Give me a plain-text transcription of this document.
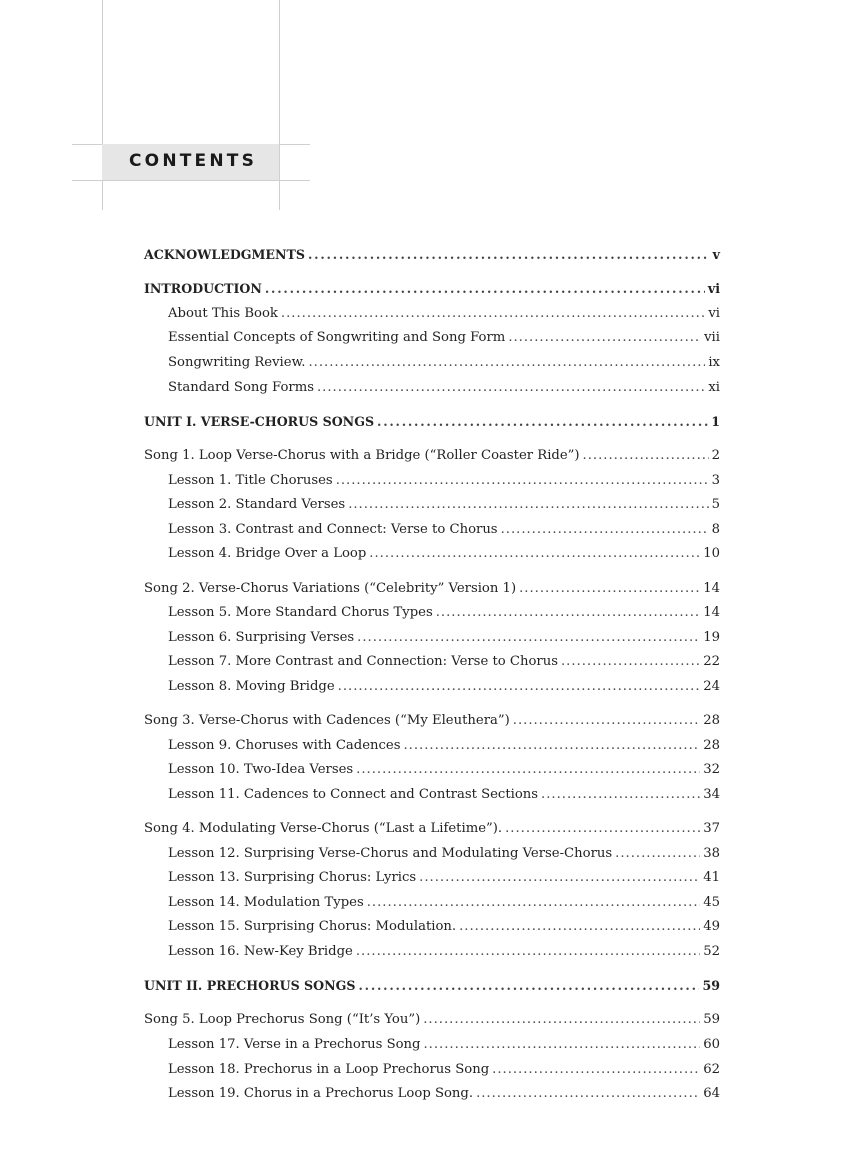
CONTENTS
ACKNOWLEDGMENTS . . .	v
INTRODUCTION . . .	vi
About This Book . . .	vi
Essential Concepts of Songwriting and Song Form . . .	vii
Songwriting Review. . . .	ix
Standard Song Forms . . .	xi
UNIT I. VERSE-CHORUS SONGS . . .	1
Song 1. Loop Verse-Chorus with a Bridge (“Roller Coaster Ride”) . . .	2
Lesson 1. Title Choruses . . .	3
Lesson 2. Standard Verses . . .	5
Lesson 3. Contrast and Connect: Verse to Chorus . . .	8
Lesson 4. Bridge Over a Loop . . .	10
Song 2. Verse-Chorus Variations (“Celebrity” Version 1) . . .	14
Lesson 5. More Standard Chorus Types . . .	14
Lesson 6. Surprising Verses . . .	19
Lesson 7. More Contrast and Connection: Verse to Chorus . . .	22
Lesson 8. Moving Bridge . . .	24
Song 3. Verse-Chorus with Cadences (“My Eleuthera”) . . .	28
Lesson 9. Choruses with Cadences . . .	28
Lesson 10. Two-Idea Verses . . .	32
Lesson 11. Cadences to Connect and Contrast Sections . . .	34
Song 4. Modulating Verse-Chorus (“Last a Lifetime”). . . .	37
Lesson 12. Surprising Verse-Chorus and Modulating Verse-Chorus . . .	38
Lesson 13. Surprising Chorus: Lyrics . . .	41
Lesson 14. Modulation Types . . .	45
Lesson 15. Surprising Chorus: Modulation. . . .	49
Lesson 16. New-Key Bridge . . .	52
UNIT II. PRECHORUS SONGS . . .	59
Song 5. Loop Prechorus Song (“It’s You”) . . .	59
Lesson 17. Verse in a Prechorus Song . . .	60
Lesson 18. Prechorus in a Loop Prechorus Song . . .	62
Lesson 19. Chorus in a Prechorus Loop Song. . . .	64
